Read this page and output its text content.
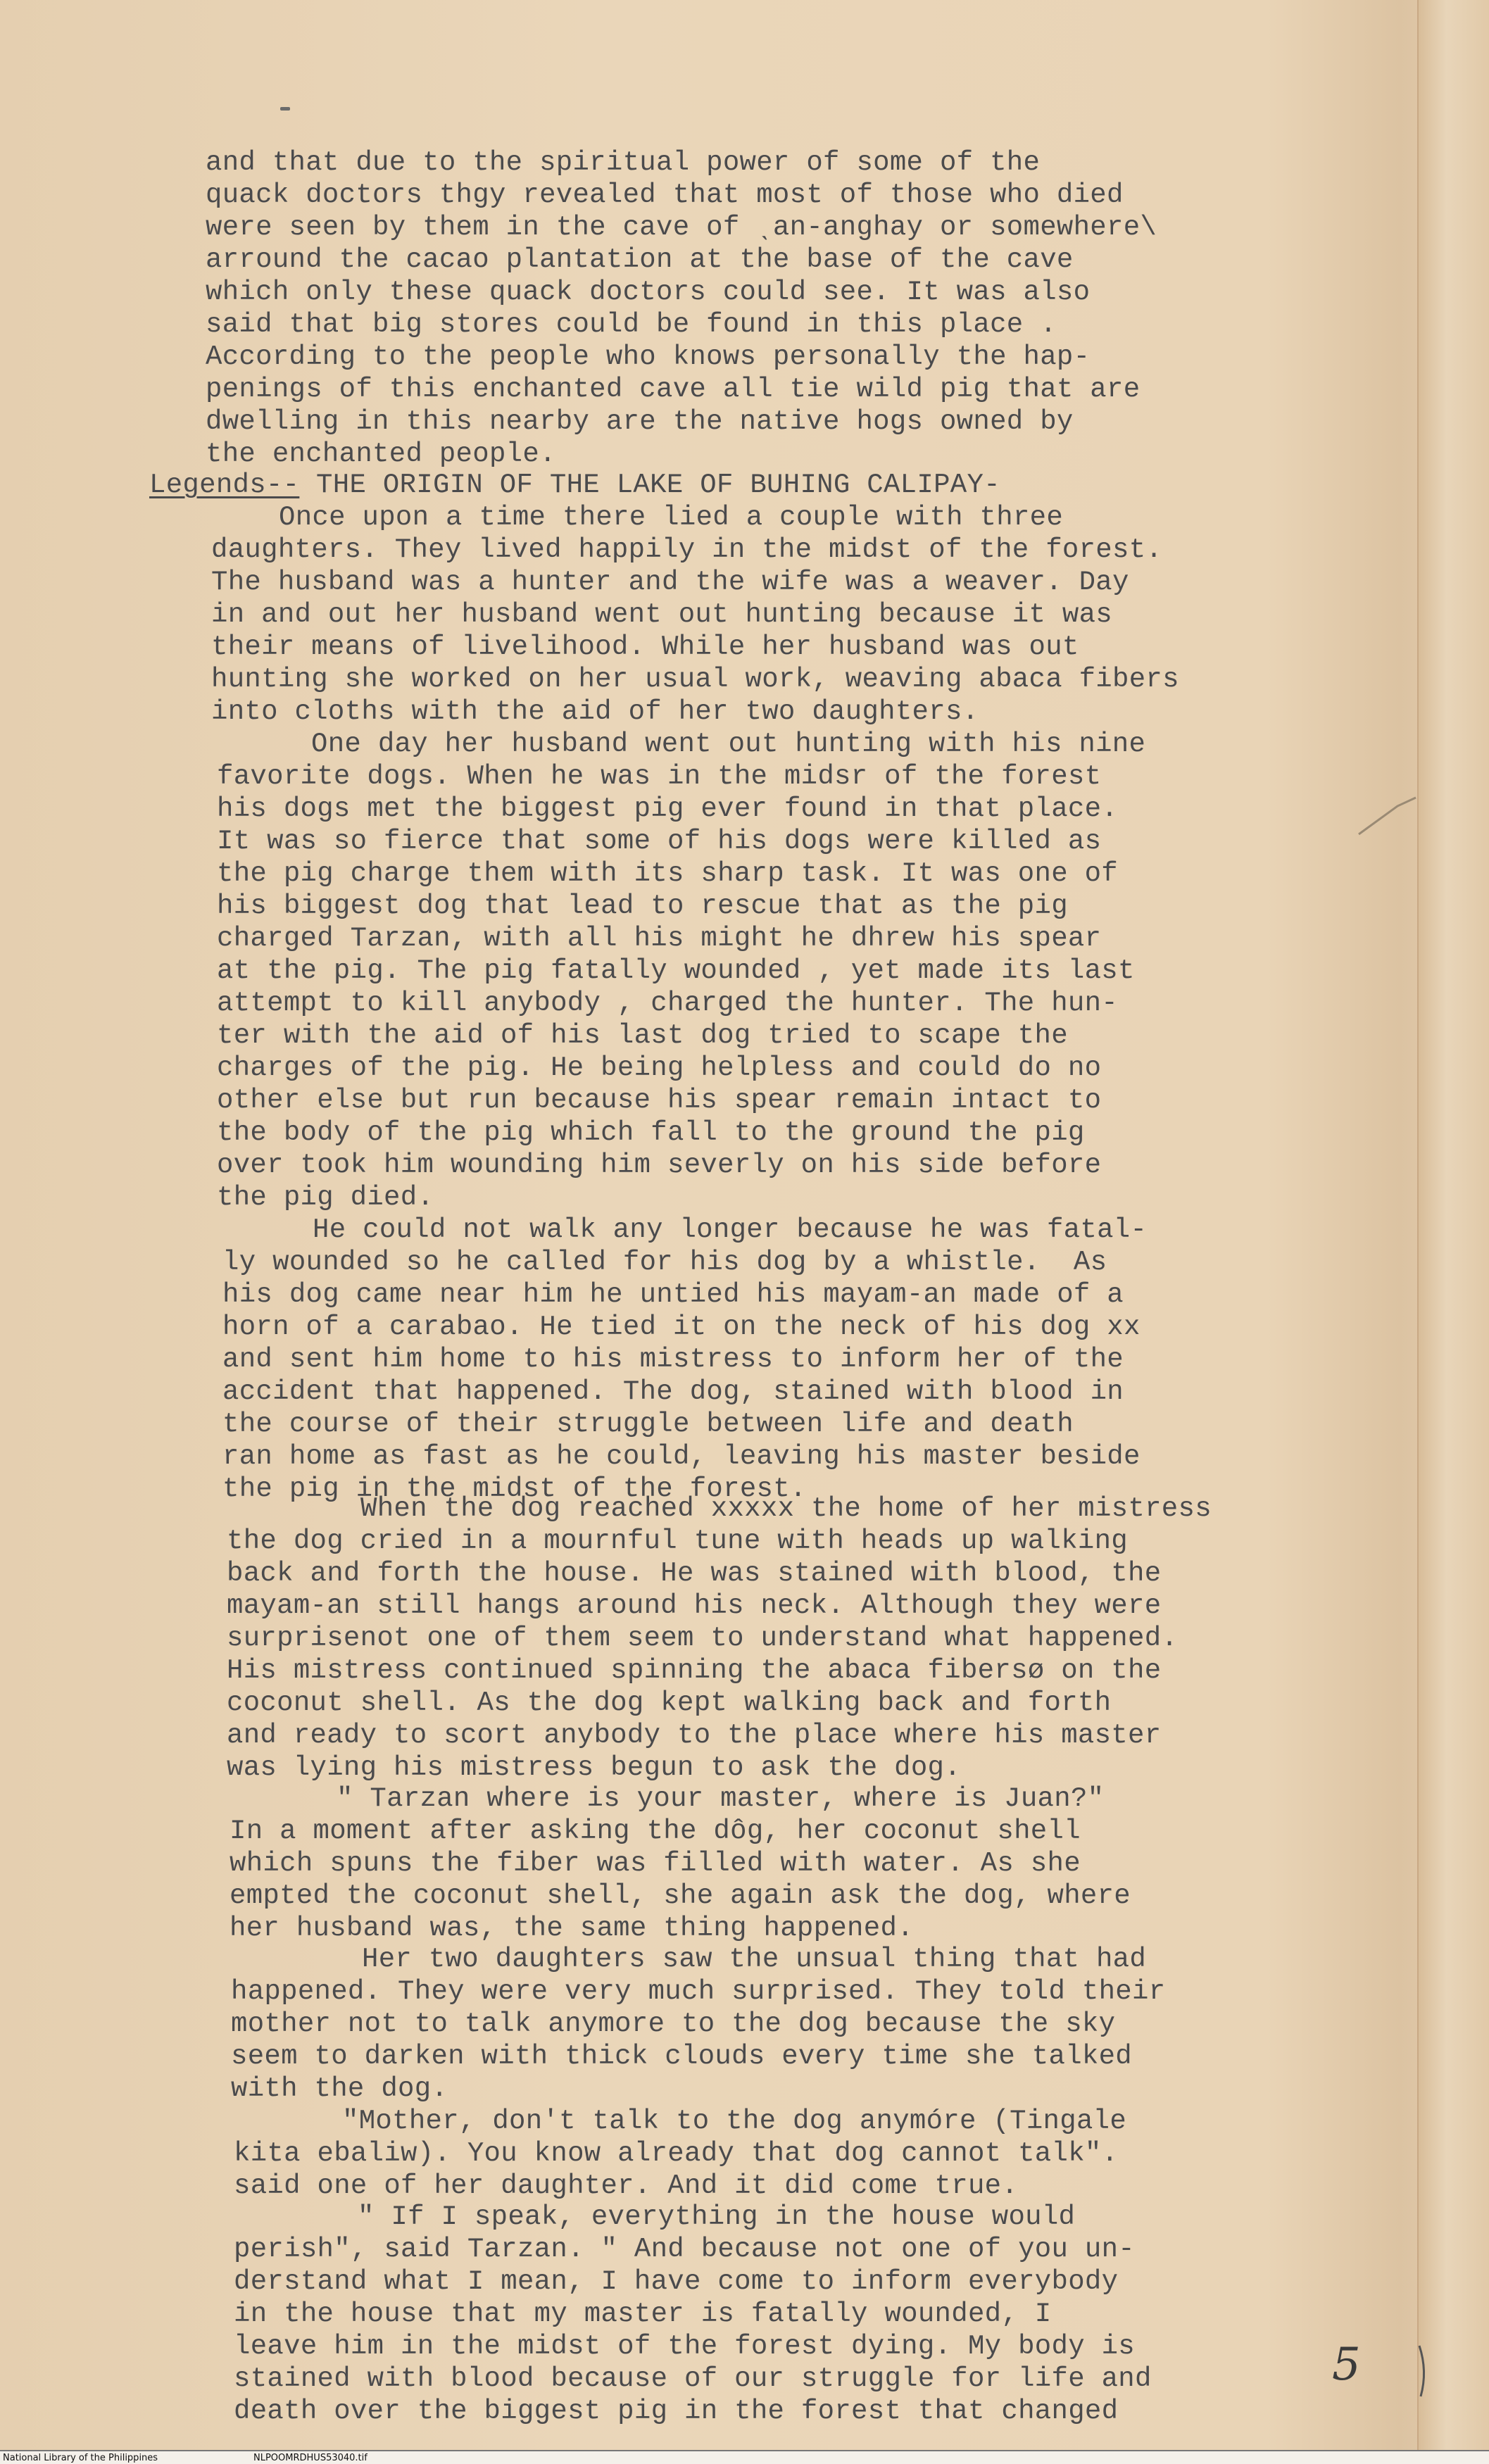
and that due to the spiritual power of some of the
quack doctors thgy revealed that most of those who died
were seen by them in the cave of ˎan-anghay or somewhere\
arround the cacao plantation at the base of the cave
which only these quack doctors could see. It was also
said that big stores could be found in this place .
According to the people who knows personally the hap-
penings of this enchanted cave all tie wild pig that are
dwelling in this nearby are the native hogs owned by
the enchanted people.
Legends-- THE ORIGIN OF THE LAKE OF BUHING CALIPAY-
Once upon a time there lied a couple with three
daughters. They lived happily in the midst of the forest.
The husband was a hunter and the wife was a weaver. Day
in and out her husband went out hunting because it was
their means of livelihood. While her husband was out
hunting she worked on her usual work, weaving abaca fibers
into cloths with the aid of her two daughters.
One day her husband went out hunting with his nine
favorite dogs. When he was in the midsr of the forest
his dogs met the biggest pig ever found in that place.
It was so fierce that some of his dogs were killed as
the pig charge them with its sharp task. It was one of
his biggest dog that lead to rescue that as the pig
charged Tarzan, with all his might he dhrew his spear
at the pig. The pig fatally wounded , yet made its last
attempt to kill anybody , charged the hunter. The hun-
ter with the aid of his last dog tried to scape the
charges of the pig. He being helpless and could do no
other else but run because his spear remain intact to
the body of the pig which fall to the ground the pig
over took him wounding him severly on his side before
the pig died.
He could not walk any longer because he was fatal-
ly wounded so he called for his dog by a whistle.  As
his dog came near him he untied his mayam-an made of a
horn of a carabao. He tied it on the neck of his dog xx
and sent him home to his mistress to inform her of the
accident that happened. The dog, stained with blood in
the course of their struggle between life and death
ran home as fast as he could, leaving his master beside
the pig in the midst of the forest.
When the dog reached xxxxx the home of her mistress
the dog cried in a mournful tune with heads up walking
back and forth the house. He was stained with blood, the
mayam-an still hangs around his neck. Although they were
surprisenot one of them seem to understand what happened.
His mistress continued spinning the abaca fibersø on the
coconut shell. As the dog kept walking back and forth
and ready to scort anybody to the place where his master
was lying his mistress begun to ask the dog.
" Tarzan where is your master, where is Juan?"
In a moment after asking the dôg, her coconut shell
which spuns the fiber was filled with water. As she
empted the coconut shell, she again ask the dog, where
her husband was, the same thing happened.
Her two daughters saw the unsual thing that had
happened. They were very much surprised. They told their
mother not to talk anymore to the dog because the sky
seem to darken with thick clouds every time she talked
with the dog.
"Mother, don't talk to the dog anymóre (Tingale
kita ebaliw). You know already that dog cannot talk".
said one of her daughter. And it did come true.
" If I speak, everything in the house would
perish", said Tarzan. " And because not one of you un-
derstand what I mean, I have come to inform everybody
in the house that my master is fatally wounded, I
leave him in the midst of the forest dying. My body is
stained with blood because of our struggle for life and
death over the biggest pig in the forest that changed
5
National Library of the Philippines	NLPOOMRDHUS53040.tif
